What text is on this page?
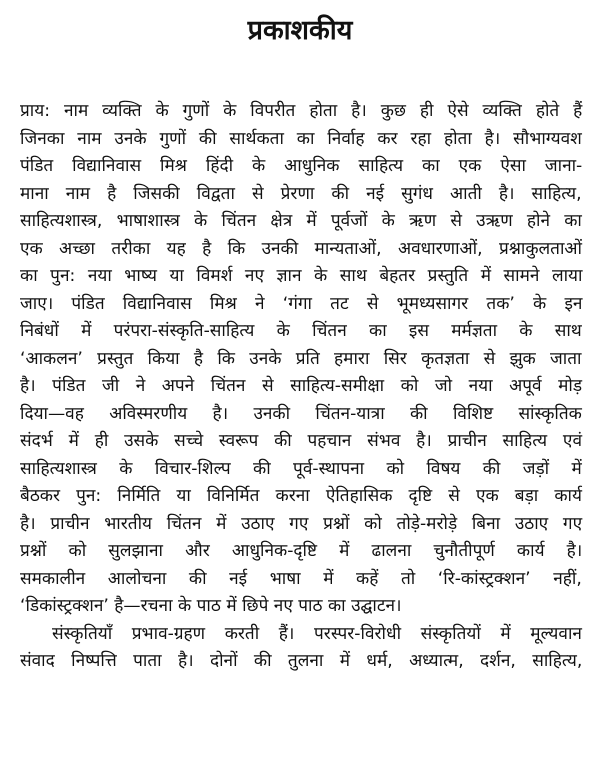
प्रकाशकीय
प्राय: नाम व्यक्ति के गुणों के विपरीत होता है। कुछ ही ऐसे व्यक्ति होते हैं
जिनका नाम उनके गुणों की सार्थकता का निर्वाह कर रहा होता है। सौभाग्यवश
पंडित विद्यानिवास मिश्र हिंदी के आधुनिक साहित्य का एक ऐसा जाना-
माना नाम है जिसकी विद्वता से प्रेरणा की नई सुगंध आती है। साहित्य,
साहित्यशास्त्र, भाषाशास्त्र के चिंतन क्षेत्र में पूर्वजों के ऋण से उऋण होने का
एक अच्छा तरीका यह है कि उनकी मान्यताओं, अवधारणाओं, प्रश्नाकुलताओं
का पुन: नया भाष्य या विमर्श नए ज्ञान के साथ बेहतर प्रस्तुति में सामने लाया
जाए। पंडित विद्यानिवास मिश्र ने ‘गंगा तट से भूमध्यसागर तक’ के इन
निबंधों में परंपरा-संस्कृति-साहित्य के चिंतन का इस मर्मज्ञता के साथ
‘आकलन’ प्रस्तुत किया है कि उनके प्रति हमारा सिर कृतज्ञता से झुक जाता
है। पंडित जी ने अपने चिंतन से साहित्य-समीक्षा को जो नया अपूर्व मोड़
दिया—वह अविस्मरणीय है। उनकी चिंतन-यात्रा की विशिष्ट सांस्कृतिक
संदर्भ में ही उसके सच्चे स्वरूप की पहचान संभव है। प्राचीन साहित्य एवं
साहित्यशास्त्र के विचार-शिल्प की पूर्व-स्थापना को विषय की जड़ों में
बैठकर पुन: निर्मिति या विनिर्मित करना ऐतिहासिक दृष्टि से एक बड़ा कार्य
है। प्राचीन भारतीय चिंतन में उठाए गए प्रश्नों को तोड़े-मरोड़े बिना उठाए गए
प्रश्नों को सुलझाना और आधुनिक-दृष्टि में ढालना चुनौतीपूर्ण कार्य है।
समकालीन आलोचना की नई भाषा में कहें तो ‘रि-कांस्ट्रक्शन’ नहीं,
‘डिकांस्ट्रक्शन’ है—रचना के पाठ में छिपे नए पाठ का उद्घाटन।
संस्कृतियाँ प्रभाव-ग्रहण करती हैं। परस्पर-विरोधी संस्कृतियों में मूल्यवान
संवाद निष्पत्ति पाता है। दोनों की तुलना में धर्म, अध्यात्म, दर्शन, साहित्य,
